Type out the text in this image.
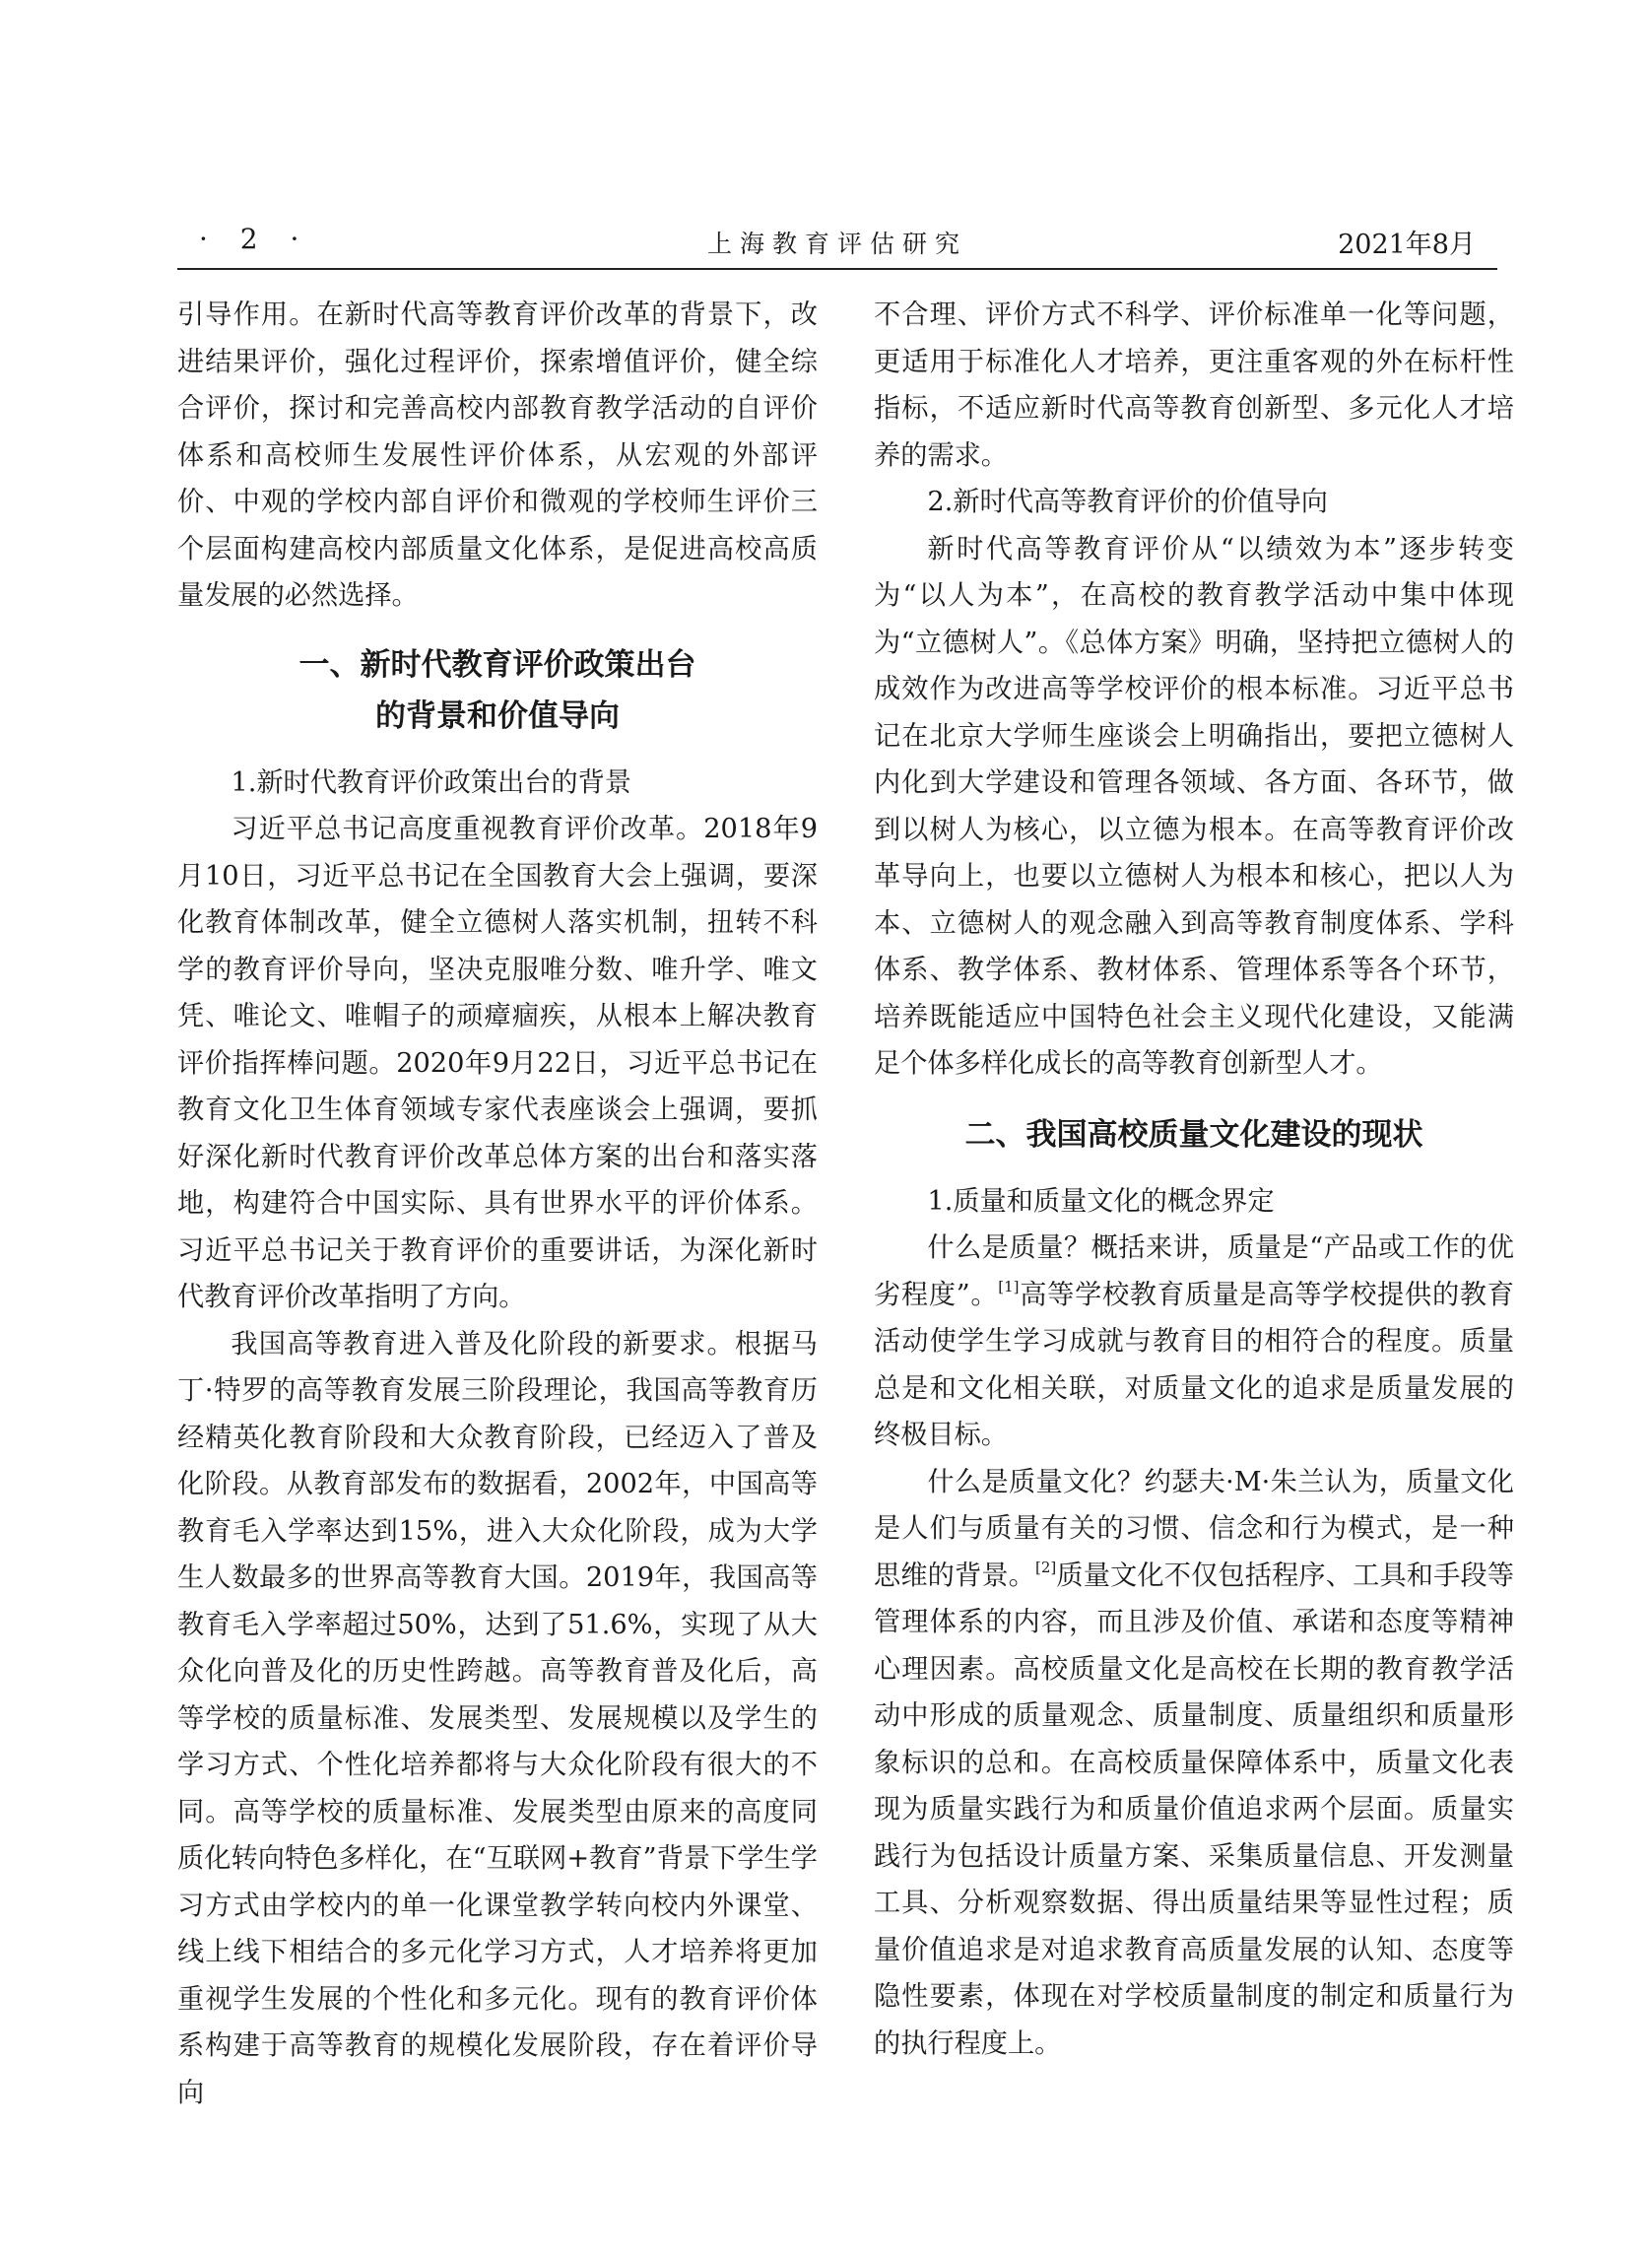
· 2 ·	上海教育评估研究	2021年8月

引导作用。在新时代高等教育评价改革的背景下，改进结果评价，强化过程评价，探索增值评价，健全综合评价，探讨和完善高校内部教育教学活动的自评价体系和高校师生发展性评价体系，从宏观的外部评价、中观的学校内部自评价和微观的学校师生评价三个层面构建高校内部质量文化体系，是促进高校高质量发展的必然选择。

一、新时代教育评价政策出台
的背景和价值导向

1.新时代教育评价政策出台的背景

习近平总书记高度重视教育评价改革。2018年9月10日，习近平总书记在全国教育大会上强调，要深化教育体制改革，健全立德树人落实机制，扭转不科学的教育评价导向，坚决克服唯分数、唯升学、唯文凭、唯论文、唯帽子的顽瘴痼疾，从根本上解决教育评价指挥棒问题。2020年9月22日，习近平总书记在教育文化卫生体育领域专家代表座谈会上强调，要抓好深化新时代教育评价改革总体方案的出台和落实落地，构建符合中国实际、具有世界水平的评价体系。习近平总书记关于教育评价的重要讲话，为深化新时代教育评价改革指明了方向。

我国高等教育进入普及化阶段的新要求。根据马丁·特罗的高等教育发展三阶段理论，我国高等教育历经精英化教育阶段和大众教育阶段，已经迈入了普及化阶段。从教育部发布的数据看，2002年，中国高等教育毛入学率达到15%，进入大众化阶段，成为大学生人数最多的世界高等教育大国。2019年，我国高等教育毛入学率超过50%，达到了51.6%，实现了从大众化向普及化的历史性跨越。高等教育普及化后，高等学校的质量标准、发展类型、发展规模以及学生的学习方式、个性化培养都将与大众化阶段有很大的不同。高等学校的质量标准、发展类型由原来的高度同质化转向特色多样化，在“互联网+教育”背景下学生学习方式由学校内的单一化课堂教学转向校内外课堂、线上线下相结合的多元化学习方式，人才培养将更加重视学生发展的个性化和多元化。现有的教育评价体系构建于高等教育的规模化发展阶段，存在着评价导向

不合理、评价方式不科学、评价标准单一化等问题，更适用于标准化人才培养，更注重客观的外在标杆性指标，不适应新时代高等教育创新型、多元化人才培养的需求。

2.新时代高等教育评价的价值导向

新时代高等教育评价从“以绩效为本”逐步转变为“以人为本”，在高校的教育教学活动中集中体现为“立德树人”。《总体方案》明确，坚持把立德树人的成效作为改进高等学校评价的根本标准。习近平总书记在北京大学师生座谈会上明确指出，要把立德树人内化到大学建设和管理各领域、各方面、各环节，做到以树人为核心，以立德为根本。在高等教育评价改革导向上，也要以立德树人为根本和核心，把以人为本、立德树人的观念融入到高等教育制度体系、学科体系、教学体系、教材体系、管理体系等各个环节，培养既能适应中国特色社会主义现代化建设，又能满足个体多样化成长的高等教育创新型人才。

二、我国高校质量文化建设的现状

1.质量和质量文化的概念界定

什么是质量？概括来讲，质量是“产品或工作的优劣程度”。[1]高等学校教育质量是高等学校提供的教育活动使学生学习成就与教育目的相符合的程度。质量总是和文化相关联，对质量文化的追求是质量发展的终极目标。

什么是质量文化？约瑟夫·M·朱兰认为，质量文化是人们与质量有关的习惯、信念和行为模式，是一种思维的背景。[2]质量文化不仅包括程序、工具和手段等管理体系的内容，而且涉及价值、承诺和态度等精神心理因素。高校质量文化是高校在长期的教育教学活动中形成的质量观念、质量制度、质量组织和质量形象标识的总和。在高校质量保障体系中，质量文化表现为质量实践行为和质量价值追求两个层面。质量实践行为包括设计质量方案、采集质量信息、开发测量工具、分析观察数据、得出质量结果等显性过程；质量价值追求是对追求教育高质量发展的认知、态度等隐性要素，体现在对学校质量制度的制定和质量行为的执行程度上。
